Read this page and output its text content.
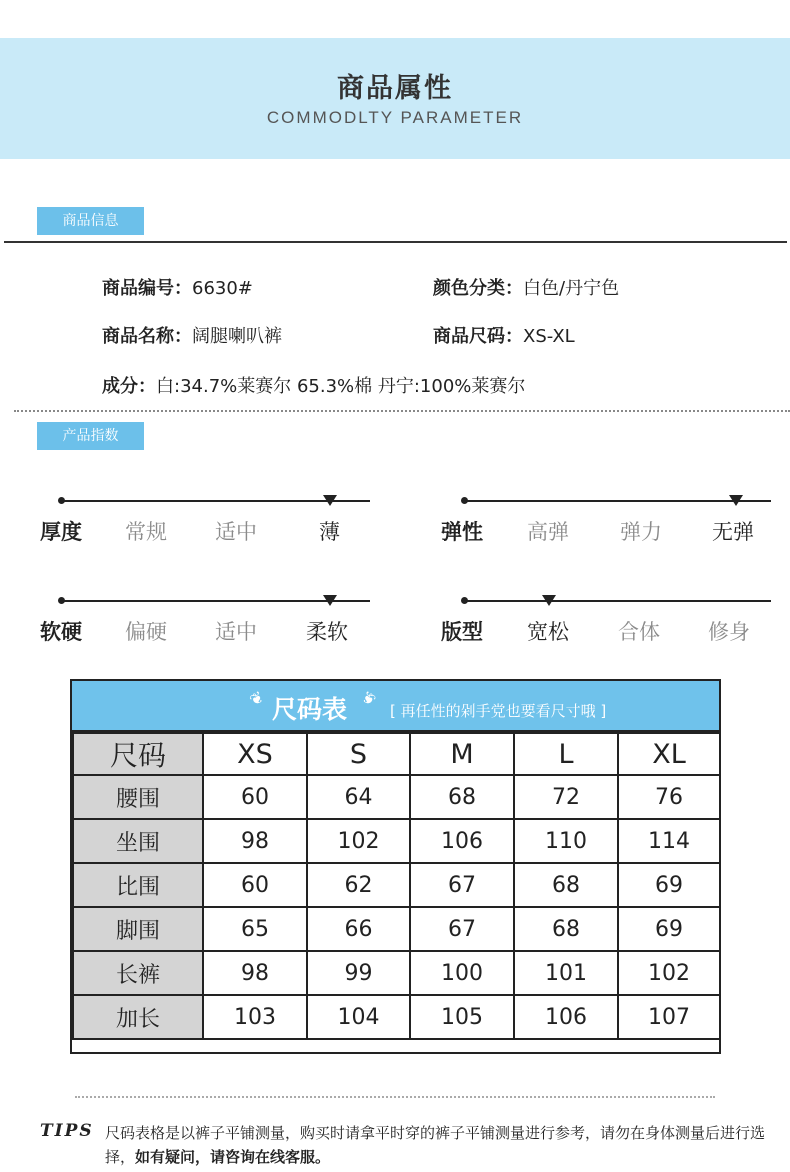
商品属性
COMMODLTY PARAMETER
商品信息
商品编号：6630#	颜色分类：白色/丹宁色
商品名称：阔腿喇叭裤	商品尺码：XS-XL
成分：白:34.7%莱赛尔 65.3%棉 丹宁:100%莱赛尔
产品指数
厚度 常规 适中	薄	弹性 高弹 弹力 无弹
软硬 偏硬 适中 柔软	版型 宽松 合体 修身
❦ 尺码表 ❦
[ 再任性的剁手党也要看尺寸哦 ]
尺码	XS	S	M	L	XL
腰围	60	64	68	72	76
坐围	98	102	106	110	114
比围	60	62	67	68	69
脚围	65	66	67	68	69
长裤	98	99	100	101	102
加长	103	104	105	106	107
TIPS 尺码表格是以裤子平铺测量，购买时请拿平时穿的裤子平铺测量进行参考，请勿在身体测量后进行选择，如有疑问，请咨询在线客服。
